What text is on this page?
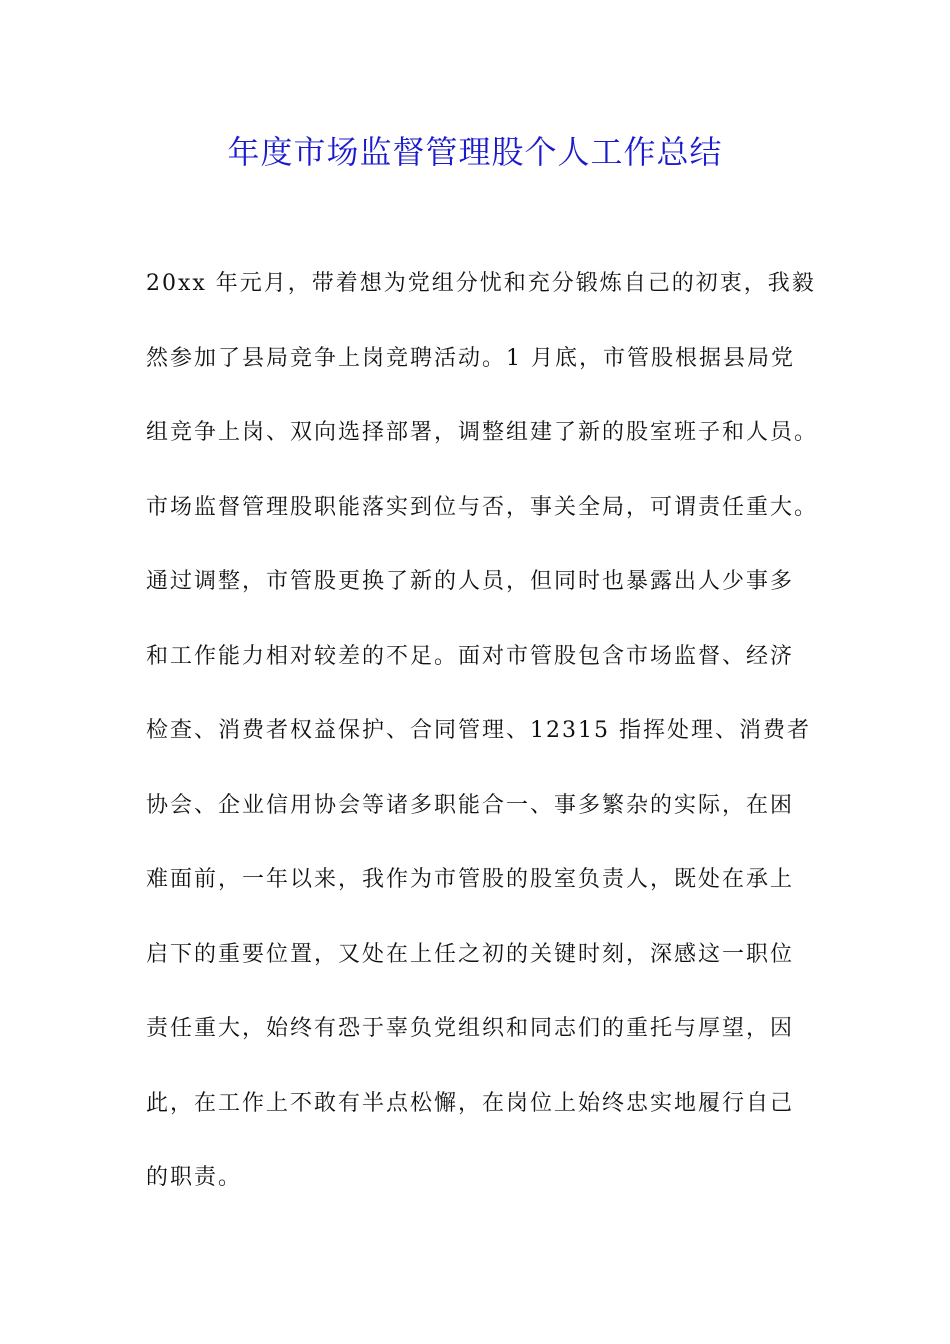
年度市场监督管理股个人工作总结
20xx 年元月，带着想为党组分忧和充分锻炼自己的初衷，我毅
然参加了县局竞争上岗竞聘活动。1 月底，市管股根据县局党
组竞争上岗、双向选择部署，调整组建了新的股室班子和人员。
市场监督管理股职能落实到位与否，事关全局，可谓责任重大。
通过调整，市管股更换了新的人员，但同时也暴露出人少事多
和工作能力相对较差的不足。面对市管股包含市场监督、经济
检查、消费者权益保护、合同管理、12315 指挥处理、消费者
协会、企业信用协会等诸多职能合一、事多繁杂的实际，在困
难面前，一年以来，我作为市管股的股室负责人，既处在承上
启下的重要位置，又处在上任之初的关键时刻，深感这一职位
责任重大，始终有恐于辜负党组织和同志们的重托与厚望，因
此，在工作上不敢有半点松懈，在岗位上始终忠实地履行自己
的职责。
